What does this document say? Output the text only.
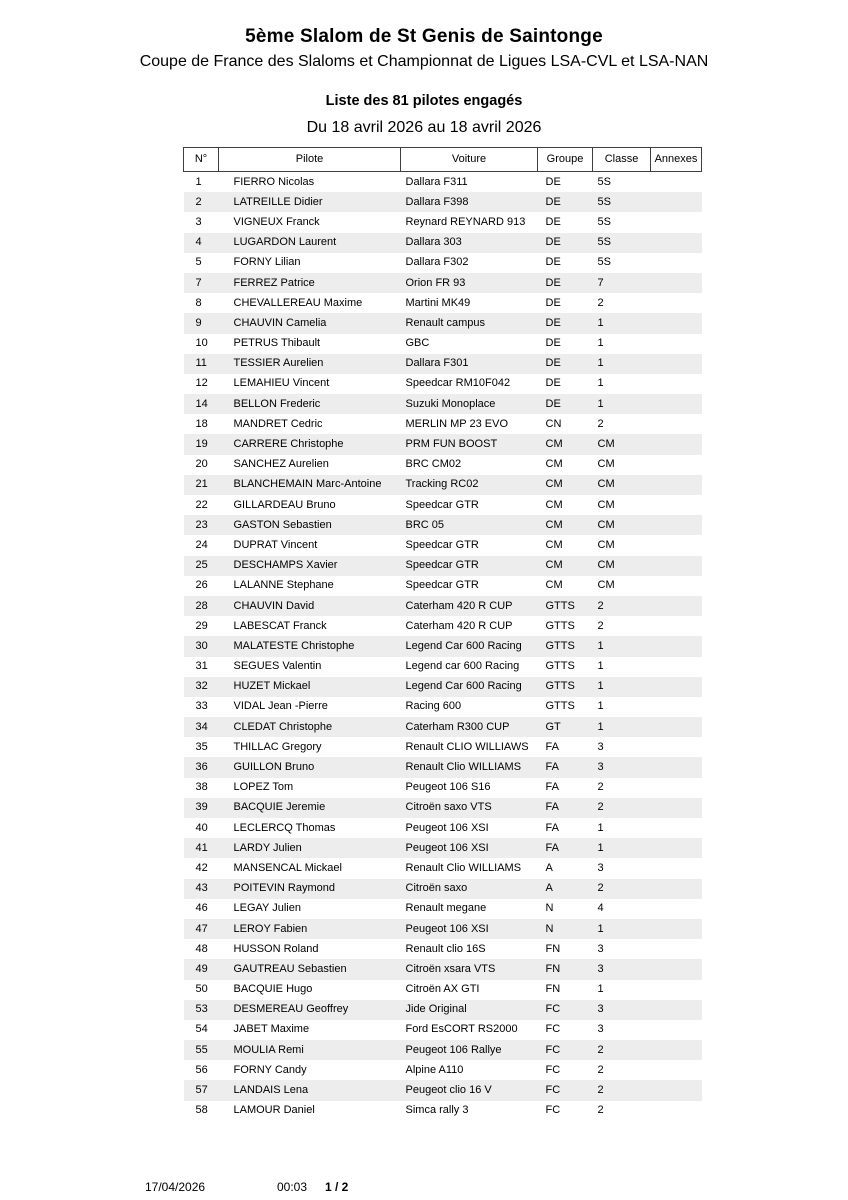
5ème Slalom de St Genis de Saintonge
Coupe de France des Slaloms et Championnat de Ligues LSA-CVL et LSA-NAN
Liste des 81 pilotes engagés
Du 18 avril 2026 au 18 avril 2026
N°	Pilote	Voiture	Groupe	Classe	Annexes
1	FIERRO Nicolas	Dallara F311	DE	5S	
2	LATREILLE Didier	Dallara F398	DE	5S	
3	VIGNEUX Franck	Reynard REYNARD 913	DE	5S	
4	LUGARDON Laurent	Dallara 303	DE	5S	
5	FORNY Lilian	Dallara F302	DE	5S	
7	FERREZ Patrice	Orion FR 93	DE	7	
8	CHEVALLEREAU Maxime	Martini MK49	DE	2	
9	CHAUVIN Camelia	Renault campus	DE	1	
10	PETRUS Thibault	GBC	DE	1	
11	TESSIER Aurelien	Dallara F301	DE	1	
12	LEMAHIEU Vincent	Speedcar RM10F042	DE	1	
14	BELLON Frederic	Suzuki Monoplace	DE	1	
18	MANDRET Cedric	MERLIN MP 23 EVO	CN	2	
19	CARRERE Christophe	PRM FUN BOOST	CM	CM	
20	SANCHEZ Aurelien	BRC CM02	CM	CM	
21	BLANCHEMAIN Marc-Antoine	Tracking RC02	CM	CM	
22	GILLARDEAU Bruno	Speedcar GTR	CM	CM	
23	GASTON Sebastien	BRC 05	CM	CM	
24	DUPRAT Vincent	Speedcar GTR	CM	CM	
25	DESCHAMPS Xavier	Speedcar GTR	CM	CM	
26	LALANNE Stephane	Speedcar GTR	CM	CM	
28	CHAUVIN David	Caterham 420 R CUP	GTTS	2	
29	LABESCAT Franck	Caterham 420 R CUP	GTTS	2	
30	MALATESTE Christophe	Legend Car 600 Racing	GTTS	1	
31	SEGUES Valentin	Legend car 600 Racing	GTTS	1	
32	HUZET Mickael	Legend Car 600 Racing	GTTS	1	
33	VIDAL Jean -Pierre	Racing 600	GTTS	1	
34	CLEDAT Christophe	Caterham R300 CUP	GT	1	
35	THILLAC Gregory	Renault CLIO WILLIAWS	FA	3	
36	GUILLON Bruno	Renault Clio WILLIAMS	FA	3	
38	LOPEZ Tom	Peugeot 106 S16	FA	2	
39	BACQUIE Jeremie	Citroën saxo VTS	FA	2	
40	LECLERCQ Thomas	Peugeot 106 XSI	FA	1	
41	LARDY Julien	Peugeot 106 XSI	FA	1	
42	MANSENCAL Mickael	Renault Clio WILLIAMS	A	3	
43	POITEVIN Raymond	Citroën saxo	A	2	
46	LEGAY Julien	Renault megane	N	4	
47	LEROY Fabien	Peugeot 106 XSI	N	1	
48	HUSSON Roland	Renault clio 16S	FN	3	
49	GAUTREAU Sebastien	Citroën xsara VTS	FN	3	
50	BACQUIE Hugo	Citroën AX GTI	FN	1	
53	DESMEREAU Geoffrey	Jide Original	FC	3	
54	JABET Maxime	Ford EsCORT RS2000	FC	3	
55	MOULIA Remi	Peugeot 106 Rallye	FC	2	
56	FORNY Candy	Alpine A110	FC	2	
57	LANDAIS Lena	Peugeot clio 16 V	FC	2	
58	LAMOUR Daniel	Simca rally 3	FC	2	
17/04/2026	00:03 1 / 2
